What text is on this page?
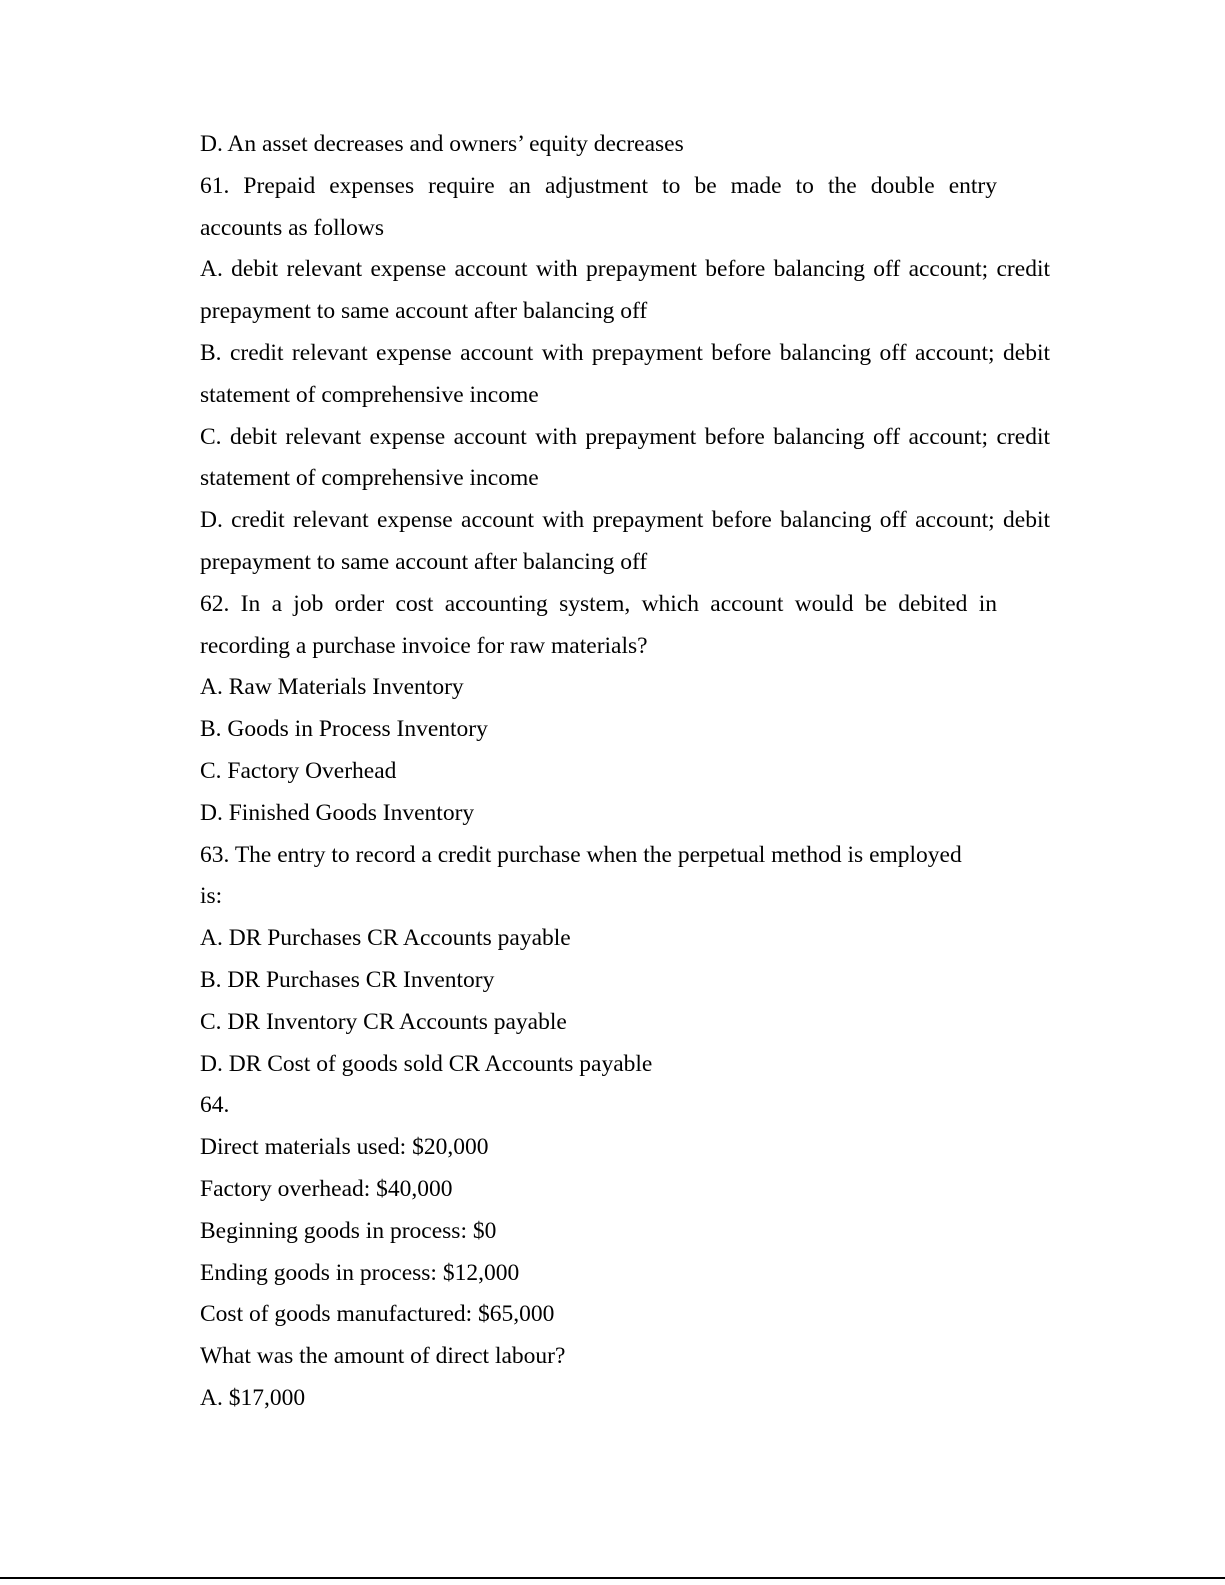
D. An asset decreases and owners’ equity decreases
61. Prepaid expenses require an adjustment to be made to the double entry
accounts as follows
A. debit relevant expense account with prepayment before balancing off account; credit
prepayment to same account after balancing off
B. credit relevant expense account with prepayment before balancing off account; debit
statement of comprehensive income
C. debit relevant expense account with prepayment before balancing off account; credit
statement of comprehensive income
D. credit relevant expense account with prepayment before balancing off account; debit
prepayment to same account after balancing off
62. In a job order cost accounting system, which account would be debited in
recording a purchase invoice for raw materials?
A. Raw Materials Inventory
B. Goods in Process Inventory
C. Factory Overhead
D. Finished Goods Inventory
63. The entry to record a credit purchase when the perpetual method is employed
is:
A. DR Purchases CR Accounts payable
B. DR Purchases CR Inventory
C. DR Inventory CR Accounts payable
D. DR Cost of goods sold CR Accounts payable
64.
Direct materials used: $20,000
Factory overhead: $40,000
Beginning goods in process: $0
Ending goods in process: $12,000
Cost of goods manufactured: $65,000
What was the amount of direct labour?
A. $17,000
